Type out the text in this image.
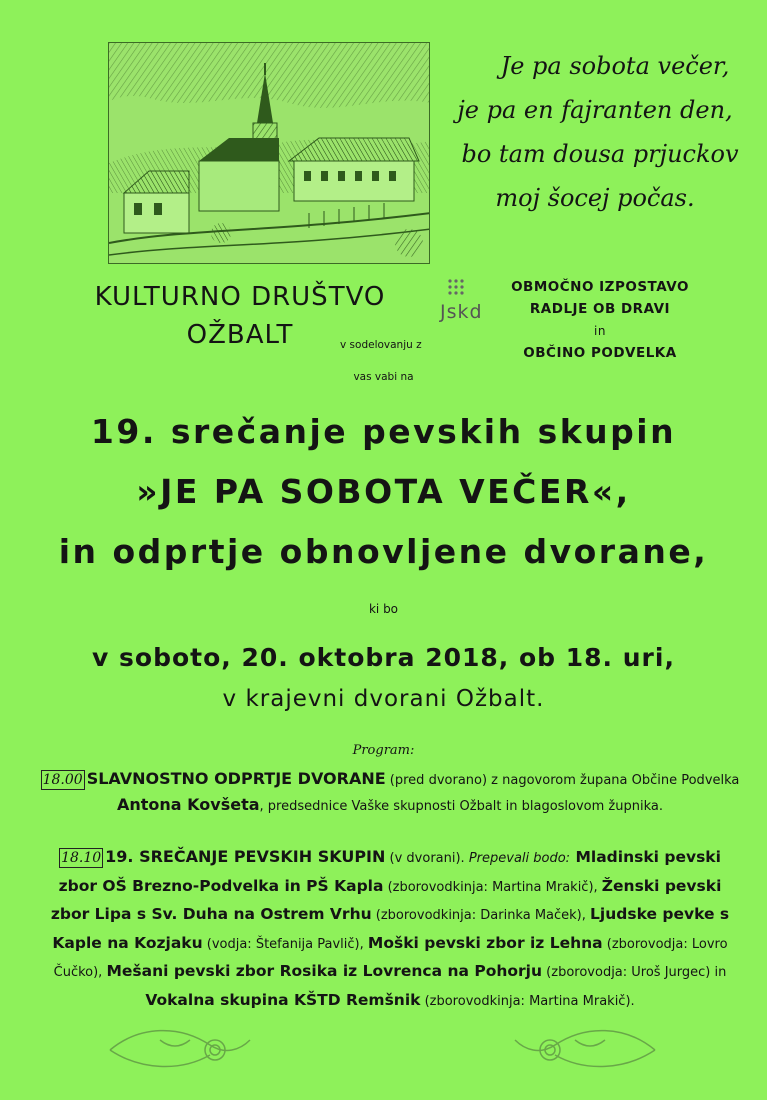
Je pa sobota večer,
je pa en fajranten den,
bo tam dousa prjuckov
moj šocej počas.
KULTURNO DRUŠTVO
OŽBALT	v sodelovanju z
Jskd
OBMOČNO IZPOSTAVO
RADLJE OB DRAVI
in
OBČINO PODVELKA
vas vabi na
19. srečanje pevskih skupin
»JE PA SOBOTA VEČER«,
in odprtje obnovljene dvorane,
ki bo
v soboto, 20. oktobra 2018, ob 18. uri,
v krajevni dvorani Ožbalt.
Program:
18.00 SLAVNOSTNO ODPRTJE DVORANE (pred dvorano) z nagovorom županа Občine Podvelka Antona Kovšeta, predsednice Vaške skupnosti Ožbalt in blagoslovom župnika.
18.10 19. SREČANJE PEVSKIH SKUPIN (v dvorani). Prepevali bodo: Mladinski pevski zbor OŠ Brezno-Podvelka in PŠ Kapla (zborovodkinja: Martina Mrakič), Ženski pevski zbor Lipa s Sv. Duha na Ostrem Vrhu (zborovodkinja: Darinka Maček), Ljudske pevke s Kaple na Kozjaku (vodja: Štefanija Pavlič), Moški pevski zbor iz Lehna (zborovodja: Lovro Čučko), Mešani pevski zbor Rosika iz Lovrenca na Pohorju (zborovodja: Uroš Jurgec) in Vokalna skupina KŠTD Remšnik (zborovodkinja: Martina Mrakič).
